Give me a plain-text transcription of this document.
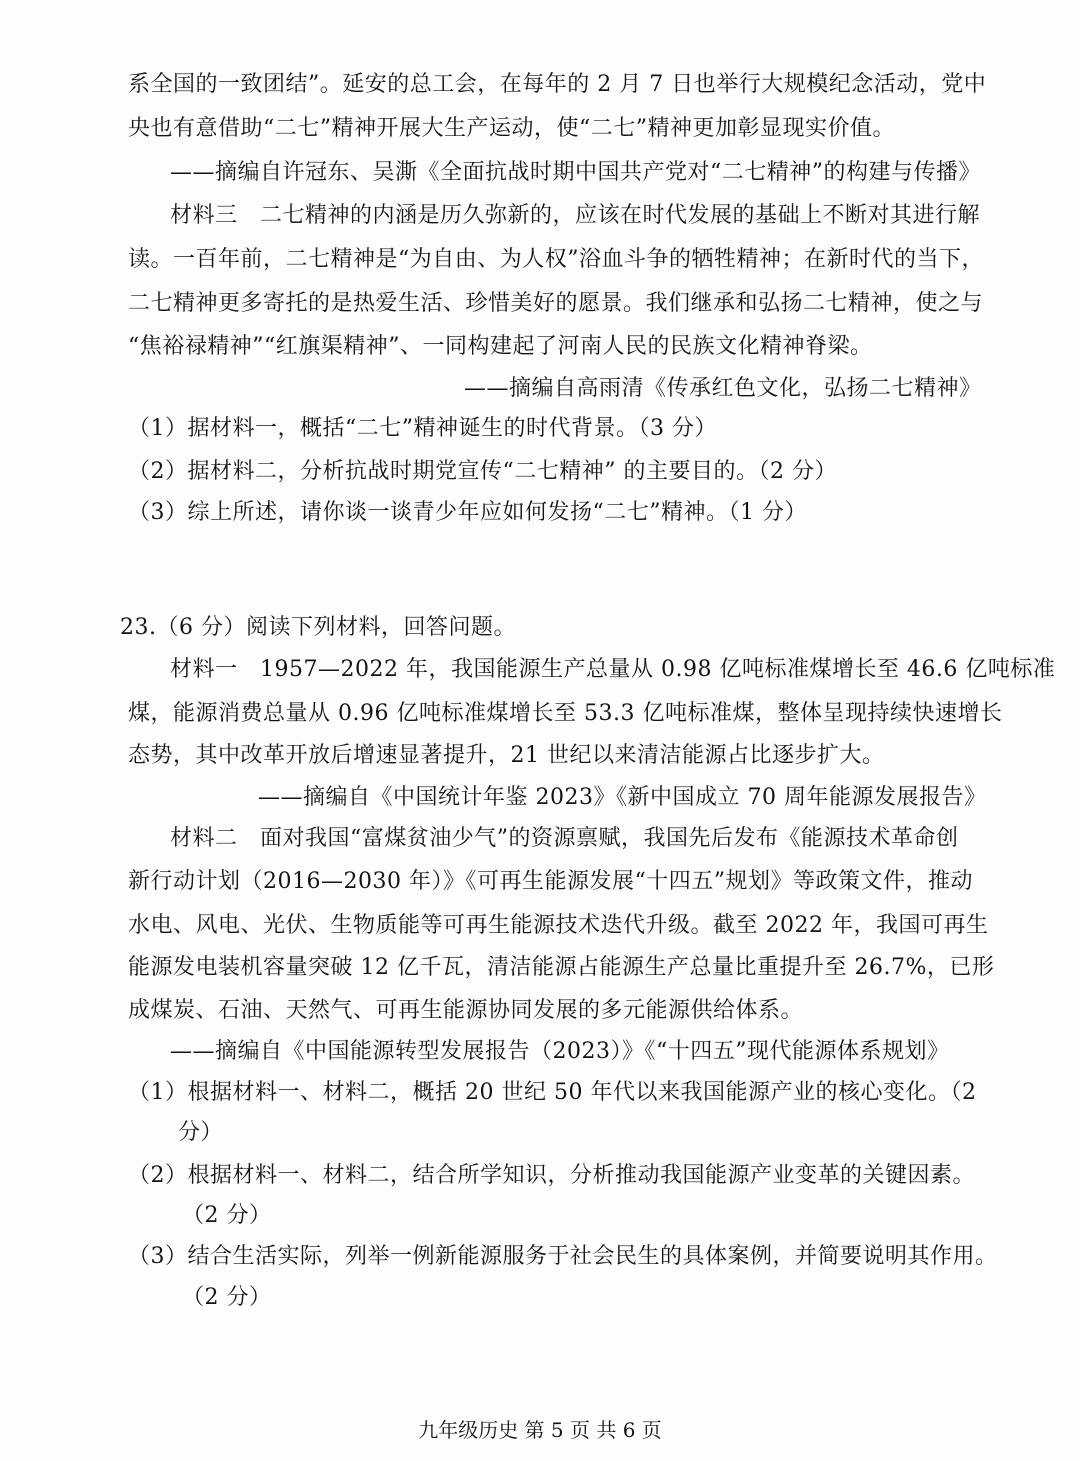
系全国的一致团结”。延安的总工会，在每年的 2 月 7 日也举行大规模纪念活动，党中
央也有意借助“二七”精神开展大生产运动，使“二七”精神更加彰显现实价值。
——摘编自许冠东、吴澌《全面抗战时期中国共产党对“二七精神”的构建与传播》
材料三　二七精神的内涵是历久弥新的，应该在时代发展的基础上不断对其进行解
读。一百年前，二七精神是“为自由、为人权”浴血斗争的牺牲精神；在新时代的当下，
二七精神更多寄托的是热爱生活、珍惜美好的愿景。我们继承和弘扬二七精神，使之与
“焦裕禄精神”“红旗渠精神”、一同构建起了河南人民的民族文化精神脊梁。
——摘编自高雨清《传承红色文化，弘扬二七精神》
（1）据材料一，概括“二七”精神诞生的时代背景。（3 分）
（2）据材料二，分析抗战时期党宣传“二七精神” 的主要目的。（2 分）
（3）综上所述，请你谈一谈青少年应如何发扬“二七”精神。（1 分）
23.（6 分）阅读下列材料，回答问题。
材料一　1957—2022 年，我国能源生产总量从 0.98 亿吨标准煤增长至 46.6 亿吨标准
煤，能源消费总量从 0.96 亿吨标准煤增长至 53.3 亿吨标准煤，整体呈现持续快速增长
态势，其中改革开放后增速显著提升，21 世纪以来清洁能源占比逐步扩大。
——摘编自《中国统计年鉴 2023》《新中国成立 70 周年能源发展报告》
材料二　面对我国“富煤贫油少气”的资源禀赋，我国先后发布《能源技术革命创
新行动计划（2016—2030 年）》《可再生能源发展“十四五”规划》等政策文件，推动
水电、风电、光伏、生物质能等可再生能源技术迭代升级。截至 2022 年，我国可再生
能源发电装机容量突破 12 亿千瓦，清洁能源占能源生产总量比重提升至 26.7%，已形
成煤炭、石油、天然气、可再生能源协同发展的多元能源供给体系。
——摘编自《中国能源转型发展报告（2023）》《“十四五”现代能源体系规划》
（1）根据材料一、材料二，概括 20 世纪 50 年代以来我国能源产业的核心变化。（2
分）
（2）根据材料一、材料二，结合所学知识，分析推动我国能源产业变革的关键因素。
（2 分）
（3）结合生活实际，列举一例新能源服务于社会民生的具体案例，并简要说明其作用。
（2 分）
九年级历史 第 5 页 共 6 页
